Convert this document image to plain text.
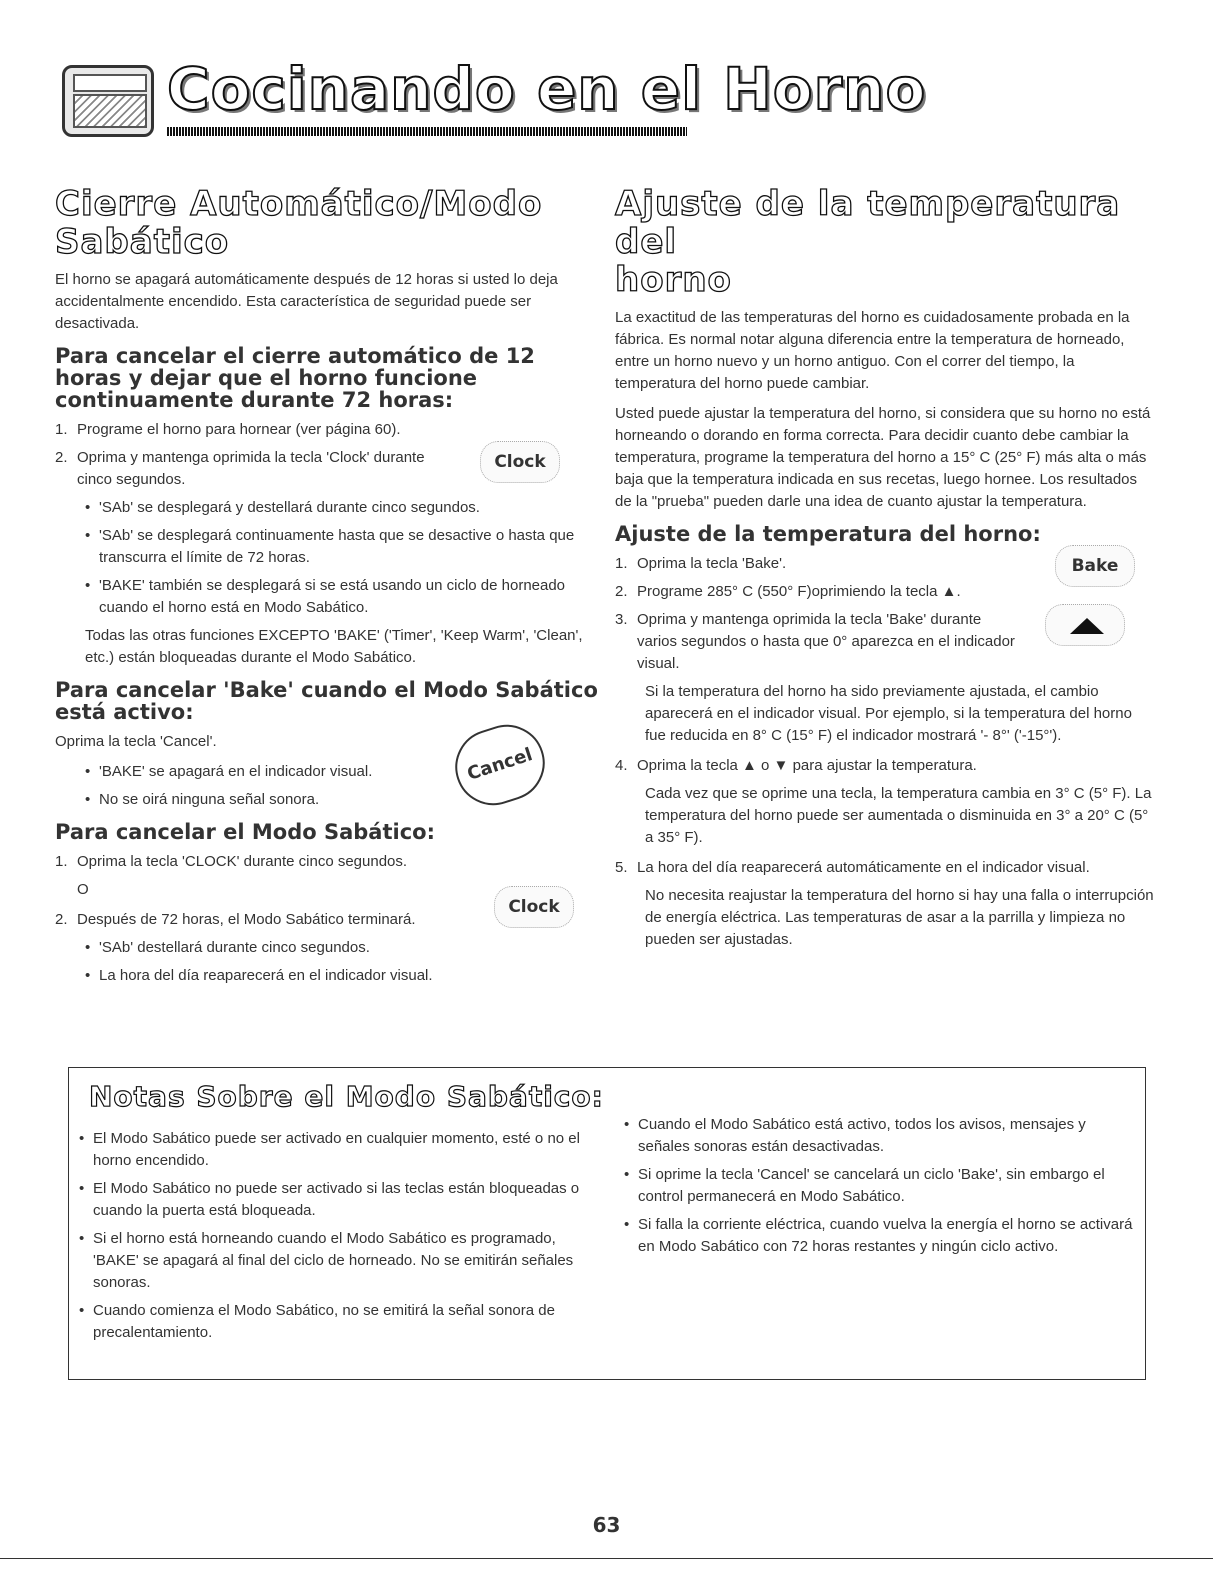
Cocinando en el Horno
Cierre Automático/Modo
Sabático

El horno se apagará automáticamente después de 12 horas si usted lo deja accidentalmente encendido. Esta característica de seguridad puede ser desactivada.

Para cancelar el cierre automático de 12 horas y dejar que el horno funcione continuamente durante 72 horas:
1. Programe el horno para hornear (ver página 60).
2. Oprima y mantenga oprimida la tecla 'Clock' durante cinco segundos.
• 'SAb' se desplegará y destellará durante cinco segundos.
• 'SAb' se desplegará continuamente hasta que se desactive o hasta que transcurra el límite de 72 horas.
• 'BAKE' también se desplegará si se está usando un ciclo de horneado cuando el horno está en Modo Sabático.

Todas las otras funciones EXCEPTO 'BAKE' ('Timer', 'Keep Warm', 'Clean', etc.) están bloqueadas durante el Modo Sabático.

Para cancelar 'Bake' cuando el Modo Sabático está activo:

Oprima la tecla 'Cancel'.

• 'BAKE' se apagará en el indicador visual.
• No se oirá ninguna señal sonora.
Para cancelar el Modo Sabático:
1. Oprima la tecla 'CLOCK' durante cinco segundos.

O

2. Después de 72 horas, el Modo Sabático terminará.
• 'SAb' destellará durante cinco segundos.
• La hora del día reaparecerá en el indicador visual.
Clock
Cancel
Clock
Ajuste de la temperatura del
horno

La exactitud de las temperaturas del horno es cuidadosamente probada en la fábrica. Es normal notar alguna diferencia entre la temperatura de horneado, entre un horno nuevo y un horno antiguo. Con el correr del tiempo, la temperatura del horno puede cambiar.

Usted puede ajustar la temperatura del horno, si considera que su horno no está horneando o dorando en forma correcta. Para decidir cuanto debe cambiar la temperatura, programe la temperatura del horno a 15° C (25° F) más alta o más baja que la temperatura indicada en sus recetas, luego hornee. Los resultados de la "prueba" pueden darle una idea de cuanto ajustar la temperatura.

Ajuste de la temperatura del horno:
1. Oprima la tecla 'Bake'.
2. Programe 285° C (550° F)oprimiendo la tecla ▲.
3. Oprima y mantenga oprimida la tecla 'Bake' durante varios segundos o hasta que 0° aparezca en el indicador visual.

Si la temperatura del horno ha sido previamente ajustada, el cambio aparecerá en el indicador visual. Por ejemplo, si la temperatura del horno fue reducida en 8° C (15° F) el indicador mostrará '- 8°' ('-15°').

4. Oprima la tecla ▲ o ▼ para ajustar la temperatura.

Cada vez que se oprime una tecla, la temperatura cambia en 3° C (5° F). La temperatura del horno puede ser aumentada o disminuida en 3° a 20° C (5° a 35° F).

5. La hora del día reaparecerá automáticamente en el indicador visual.

No necesita reajustar la temperatura del horno si hay una falla o interrupción de energía eléctrica. Las temperaturas de asar a la parrilla y limpieza no pueden ser ajustadas.

Bake
Notas Sobre el Modo Sabático:
• El Modo Sabático puede ser activado en cualquier momento, esté o no el horno encendido.
• El Modo Sabático no puede ser activado si las teclas están bloqueadas o cuando la puerta está bloqueada.
• Si el horno está horneando cuando el Modo Sabático es programado, 'BAKE' se apagará al final del ciclo de horneado. No se emitirán señales sonoras.
• Cuando comienza el Modo Sabático, no se emitirá la señal sonora de precalentamiento.
• Cuando el Modo Sabático está activo, todos los avisos, mensajes y señales sonoras están desactivadas.
• Si oprime la tecla 'Cancel' se cancelará un ciclo 'Bake', sin embargo el control permanecerá en Modo Sabático.
• Si falla la corriente eléctrica, cuando vuelva la energía el horno se activará en Modo Sabático con 72 horas restantes y ningún ciclo activo.
63
